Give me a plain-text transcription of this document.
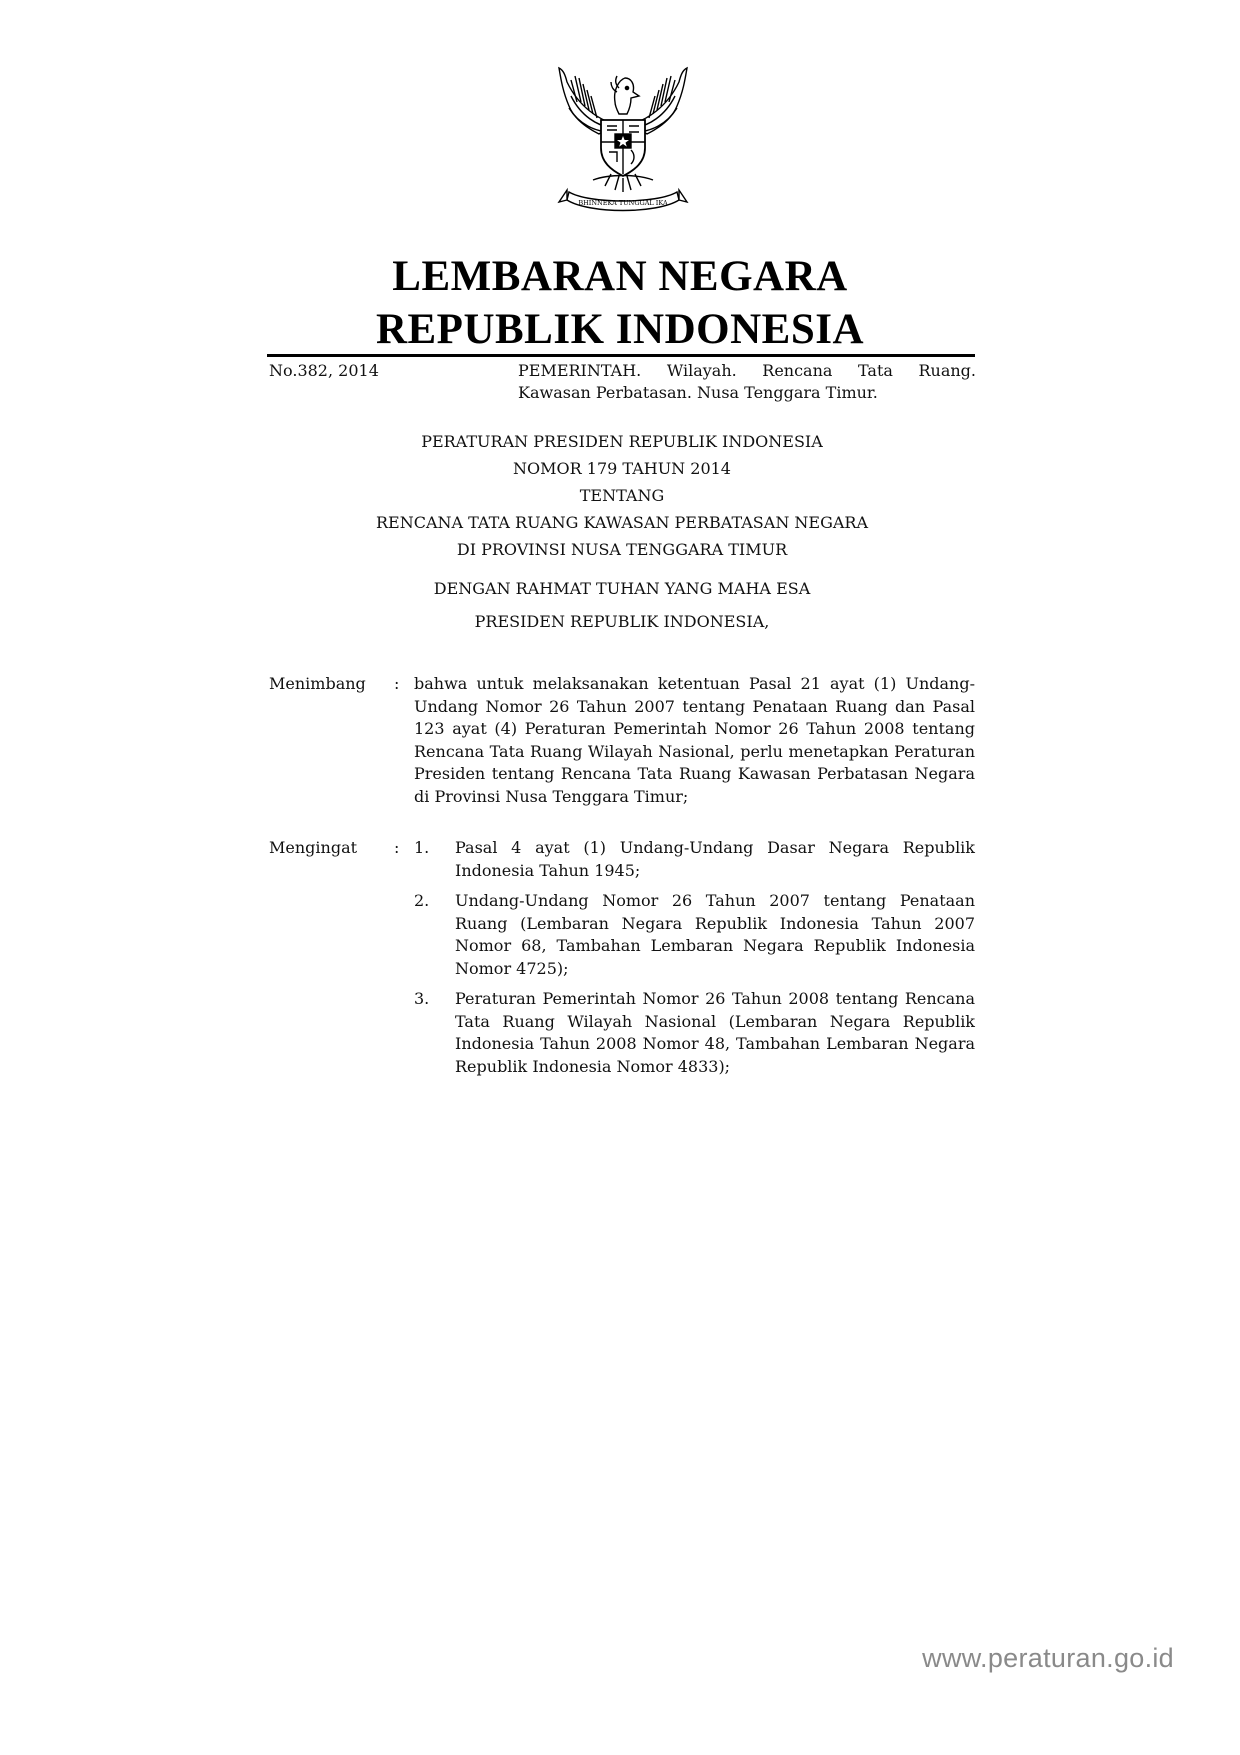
BHINNEKA TUNGGAL IKA
LEMBARAN NEGARA
REPUBLIK INDONESIA
No.382, 2014	PEMERINTAH. Wilayah. Rencana Tata Ruang.
Kawasan Perbatasan. Nusa Tenggara Timur.
PERATURAN PRESIDEN REPUBLIK INDONESIA
NOMOR 179 TAHUN 2014
TENTANG
RENCANA TATA RUANG KAWASAN PERBATASAN NEGARA
DI PROVINSI NUSA TENGGARA TIMUR
DENGAN RAHMAT TUHAN YANG MAHA ESA
PRESIDEN REPUBLIK INDONESIA,
Menimbang	: bahwa untuk melaksanakan ketentuan Pasal 21 ayat (1) Undang-Undang Nomor 26 Tahun 2007 tentang Penataan Ruang dan Pasal 123 ayat (4) Peraturan Pemerintah Nomor 26 Tahun 2008 tentang Rencana Tata Ruang Wilayah Nasional, perlu menetapkan Peraturan Presiden tentang Rencana Tata Ruang Kawasan Perbatasan Negara di Provinsi Nusa Tenggara Timur;
Mengingat	: 1.	Pasal 4 ayat (1) Undang-Undang Dasar Negara Republik Indonesia Tahun 1945;
2.	Undang-Undang Nomor 26 Tahun 2007 tentang Penataan Ruang (Lembaran Negara Republik Indonesia Tahun 2007 Nomor 68, Tambahan Lembaran Negara Republik Indonesia Nomor 4725);
3.	Peraturan Pemerintah Nomor 26 Tahun 2008 tentang Rencana Tata Ruang Wilayah Nasional (Lembaran Negara Republik Indonesia Tahun 2008 Nomor 48, Tambahan Lembaran Negara Republik Indonesia Nomor 4833);
www.peraturan.go.id
